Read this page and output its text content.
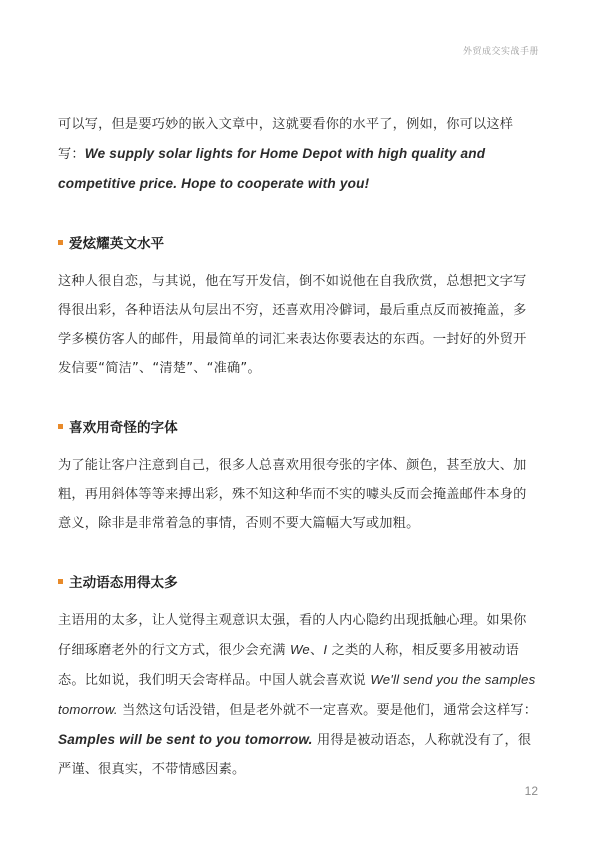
外贸成交实战手册

可以写，但是要巧妙的嵌入文章中，这就要看你的水平了，例如，你可以这样写：We supply solar lights for Home Depot with high quality and competitive price. Hope to cooperate with you!

爱炫耀英文水平

这种人很自恋，与其说，他在写开发信，倒不如说他在自我欣赏，总想把文字写得很出彩，各种语法从句层出不穷，还喜欢用冷僻词，最后重点反而被掩盖，多学多模仿客人的邮件，用最简单的词汇来表达你要表达的东西。一封好的外贸开发信要“简洁”、“清楚”、“准确”。

喜欢用奇怪的字体

为了能让客户注意到自己，很多人总喜欢用很夸张的字体、颜色，甚至放大、加粗，再用斜体等等来搏出彩，殊不知这种华而不实的噱头反而会掩盖邮件本身的意义，除非是非常着急的事情，否则不要大篇幅大写或加粗。

主动语态用得太多

主语用的太多，让人觉得主观意识太强，看的人内心隐约出现抵触心理。如果你仔细琢磨老外的行文方式，很少会充满 We、I 之类的人称，相反要多用被动语态。比如说，我们明天会寄样品。中国人就会喜欢说 We'll send you the samples tomorrow. 当然这句话没错，但是老外就不一定喜欢。要是他们，通常会这样写：Samples will be sent to you tomorrow. 用得是被动语态，人称就没有了，很严谨、很真实，不带情感因素。

12
